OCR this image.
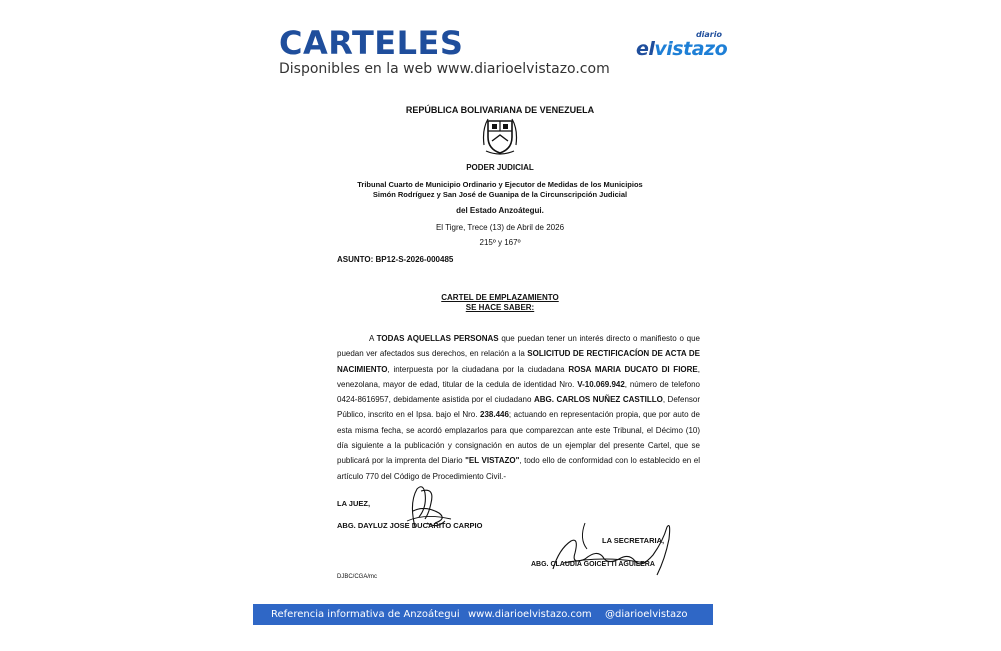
CARTELES
Disponibles en la web www.diarioelvistazo.com
diario
elvistazo
REPÚBLICA BOLIVARIANA DE VENEZUELA
PODER JUDICIAL
Tribunal Cuarto de Municipio Ordinario y Ejecutor de Medidas de los Municipios
Simón Rodríguez y San José de Guanipa de la Circunscripción Judicial
del Estado Anzoátegui.
El Tigre, Trece (13) de Abril de 2026
215º y 167º
ASUNTO: BP12-S-2026-000485
CARTEL DE EMPLAZAMIENTO
SE HACE SABER:
A TODAS AQUELLAS PERSONAS que puedan tener un interés directo o manifiesto o que puedan ver afectados sus derechos, en relación a la SOLICITUD DE RECTIFICACÍON DE ACTA DE NACIMIENTO, interpuesta por la ciudadana por la ciudadana ROSA MARIA DUCATO DI FIORE, venezolana, mayor de edad, titular de la cedula de identidad Nro. V-10.069.942, número de telefono 0424-8616957, debidamente asistida por el ciudadano ABG. CARLOS NUÑEZ CASTILLO, Defensor Público, inscrito en el Ipsa. bajo el Nro. 238.446; actuando en representación propia, que por auto de esta misma fecha, se acordó emplazarlos para que comparezcan ante este Tribunal, el Décimo (10) día siguiente a la publicación y consignación en autos de un ejemplar del presente Cartel, que se publicará por la imprenta del Diario "EL VISTAZO", todo ello de conformidad con lo establecido en el artículo 770 del Código de Procedimiento Civil.-
LA JUEZ,
ABG. DAYLUZ JOSE DUCARITO CARPIO
LA SECRETARIA,
ABG. CLAUDIA GOICETTI AGUILERA
DJBC/CGA/mc
Referencia informativa de Anzoátegui www.diarioelvistazo.com @diarioelvistazo
